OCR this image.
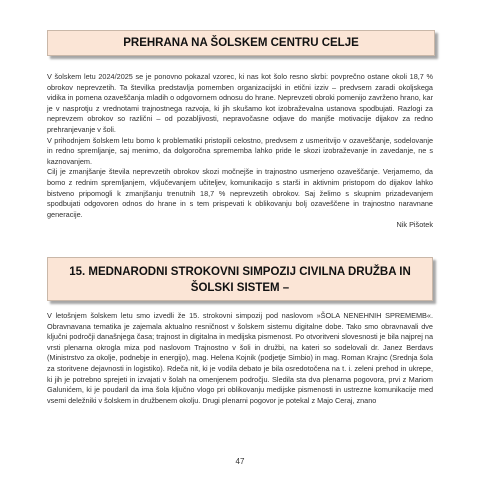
PREHRANA NA ŠOLSKEM CENTRU CELJE

V šolskem letu 2024/2025 se je ponovno pokazal vzorec, ki nas kot šolo resno skrbi: povprečno ostane okoli 18,7 % obrokov neprevzetih. Ta številka predstavlja pomemben organizacijski in etični izziv – predvsem zaradi okoljskega vidika in pomena ozaveščanja mladih o odgovornem odnosu do hrane. Neprevzeti obroki pomenijo zavrženo hrano, kar je v nasprotju z vrednotami trajnostnega razvoja, ki jih skušamo kot izobraževalna ustanova spodbujati. Razlogi za neprevzem obrokov so različni – od pozabljivosti, nepravočasne odjave do manjše motivacije dijakov za redno prehranjevanje v šoli.

V prihodnjem šolskem letu bomo k problematiki pristopili celostno, predvsem z usmeritvijo v ozaveščanje, sodelovanje in redno spremljanje, saj menimo, da dolgoročna sprememba lahko pride le skozi izobraževanje in zavedanje, ne s kaznovanjem.

Cilj je zmanjšanje števila neprevzetih obrokov skozi močnejše in trajnostno usmerjeno ozaveščanje. Verjamemo, da bomo z rednim spremljanjem, vključevanjem učiteljev, komunikacijo s starši in aktivnim pristopom do dijakov lahko bistveno pripomogli k zmanjšanju trenutnih 18,7 % neprevzetih obrokov. Saj želimo s skupnim prizadevanjem spodbujati odgovoren odnos do hrane in s tem prispevati k oblikovanju bolj ozaveščene in trajnostno naravnane generacije.

Nik Pišotek

15. MEDNARODNI STROKOVNI SIMPOZIJ CIVILNA DRUŽBA IN
ŠOLSKI SISTEM –

V letošnjem šolskem letu smo izvedli že 15. strokovni simpozij pod naslovom »ŠOLA NENEHNIH SPREMEMB«. Obravnavana tematika je zajemala aktualno resničnost v šolskem sistemu digitalne dobe. Tako smo obravnavali dve ključni področji današnjega časa; trajnost in digitalna in medijska pismenost. Po otvoritveni slovesnosti je bila najprej na vrsti plenarna okrogla miza pod naslovom Trajnostno v šoli in družbi, na kateri so sodelovali dr. Janez Berdavs (Ministrstvo za okolje, podnebje in energijo), mag. Helena Kojnik (podjetje Simbio) in mag. Roman Krajnc (Srednja šola za storitvene dejavnosti in logistiko). Rdeča nit, ki je vodila debato je bila osredotočena na t. i. zeleni prehod in ukrepe, ki jih je potrebno sprejeti in izvajati v šolah na omenjenem področju. Sledila sta dva plenarna pogovora, prvi z Mariom Galunićem, ki je poudaril da ima šola ključno vlogo pri oblikovanju medijske pismenosti in ustrezne komunikacije med vsemi deležniki v šolskem in družbenem okolju. Drugi plenarni pogovor je potekal z Majo Ceraj, znano

47
